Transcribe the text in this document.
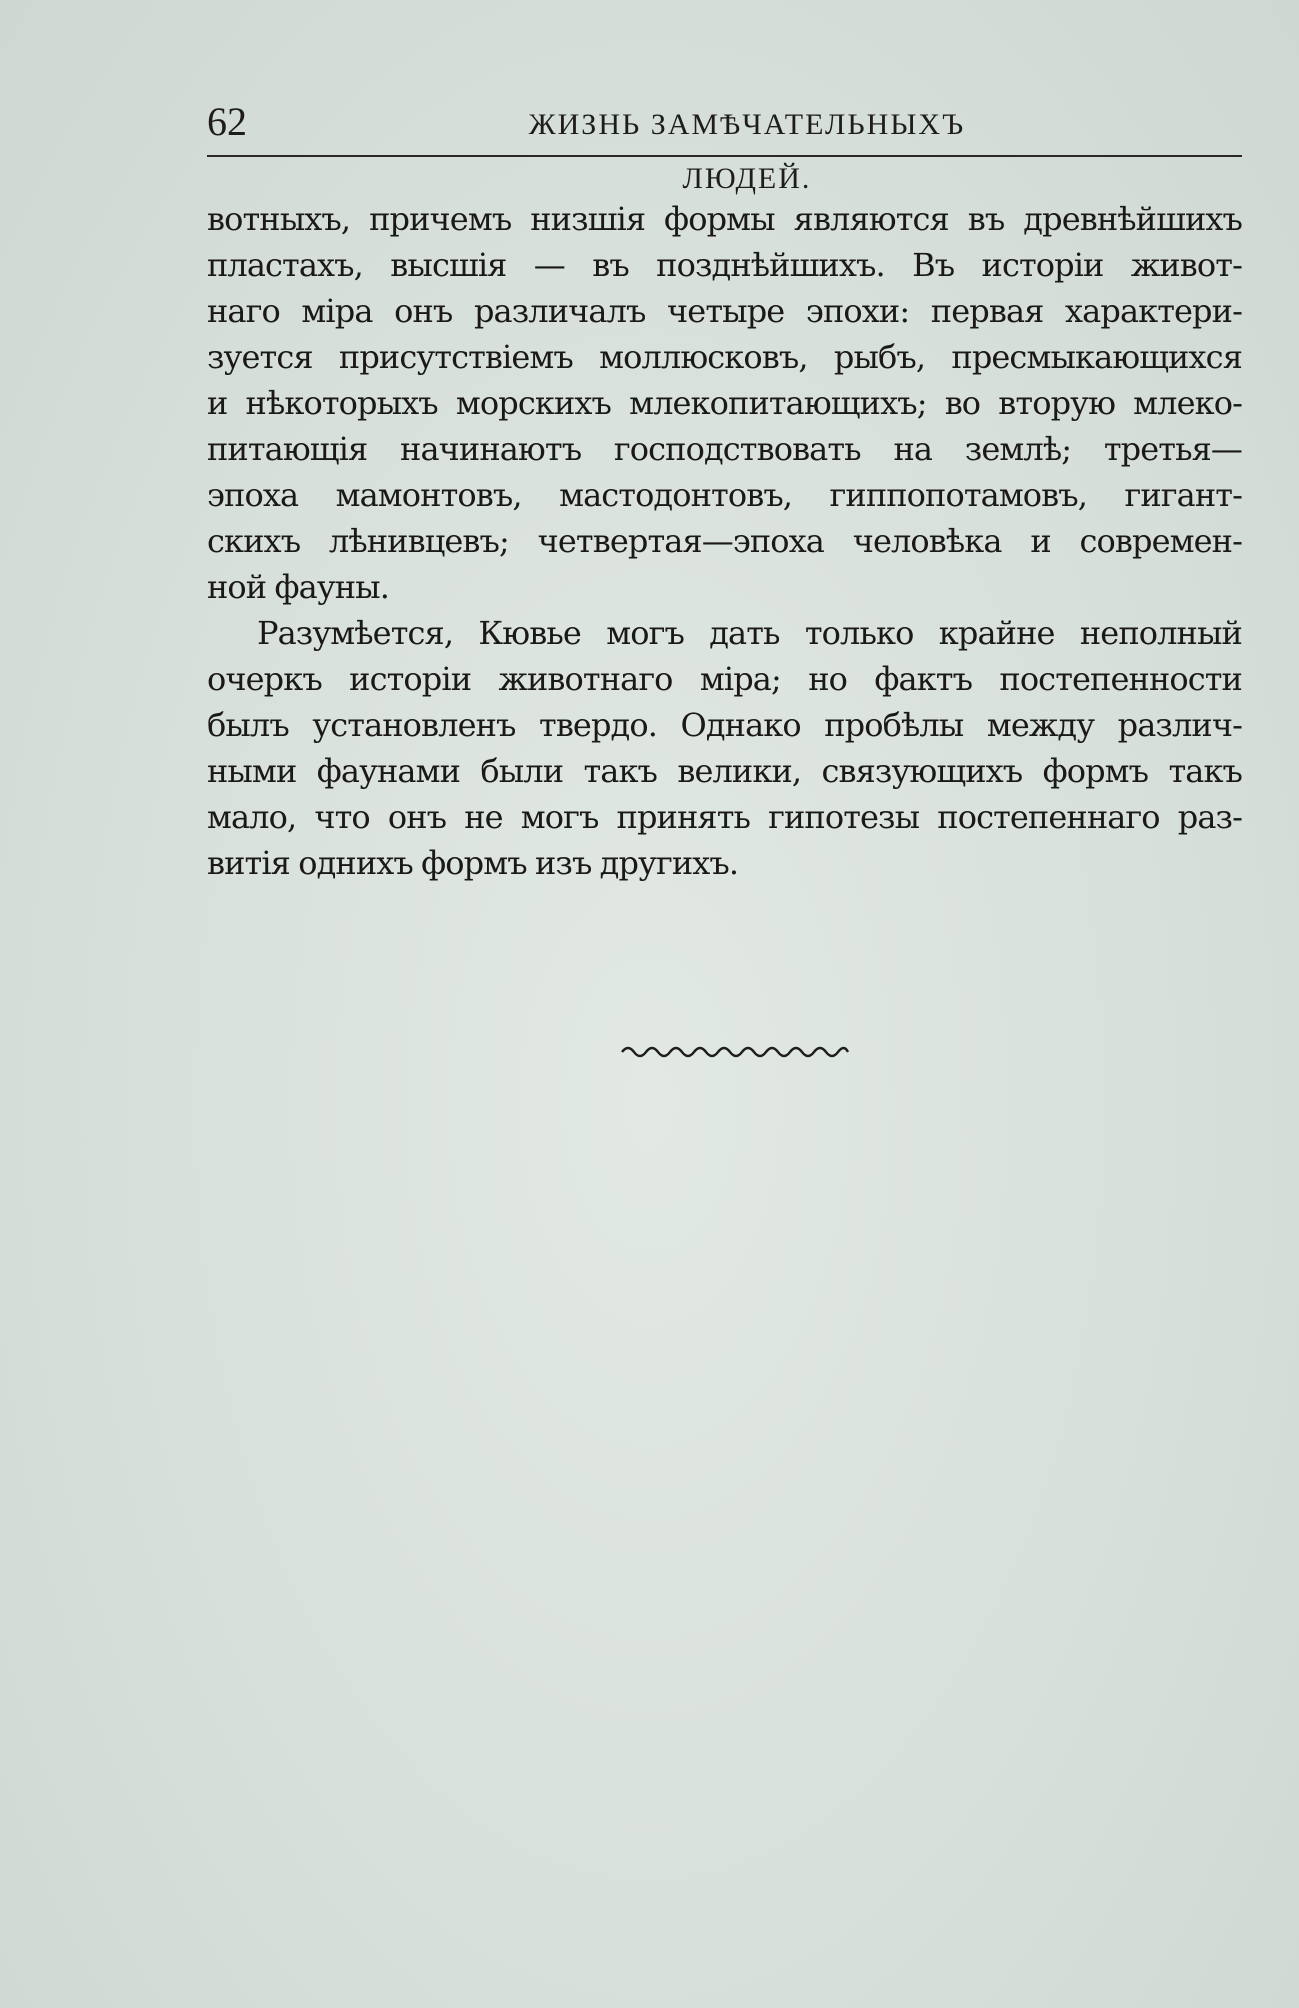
62	ЖИЗНЬ ЗАМѢЧАТЕЛЬНЫХЪ ЛЮДЕЙ.
вотныхъ, причемъ низшія формы являются въ древнѣйшихъ
пластахъ, высшія — въ позднѣйшихъ. Въ исторіи живот-
наго міра онъ различалъ четыре эпохи: первая характери-
зуется присутствіемъ моллюсковъ, рыбъ, пресмыкающихся
и нѣкоторыхъ морскихъ млекопитающихъ; во вторую млеко-
питающія начинаютъ господствовать на землѣ; третья—
эпоха мамонтовъ, мастодонтовъ, гиппопотамовъ, гигант-
скихъ лѣнивцевъ; четвертая—эпоха человѣка и современ-
ной фауны.
Разумѣется, Кювье могъ дать только крайне неполный
очеркъ исторіи животнаго міра; но фактъ постепенности
былъ установленъ твердо. Однако пробѣлы между различ-
ными фаунами были такъ велики, связующихъ формъ такъ
мало, что онъ не могъ принять гипотезы постепеннаго раз-
витія однихъ формъ изъ другихъ.
